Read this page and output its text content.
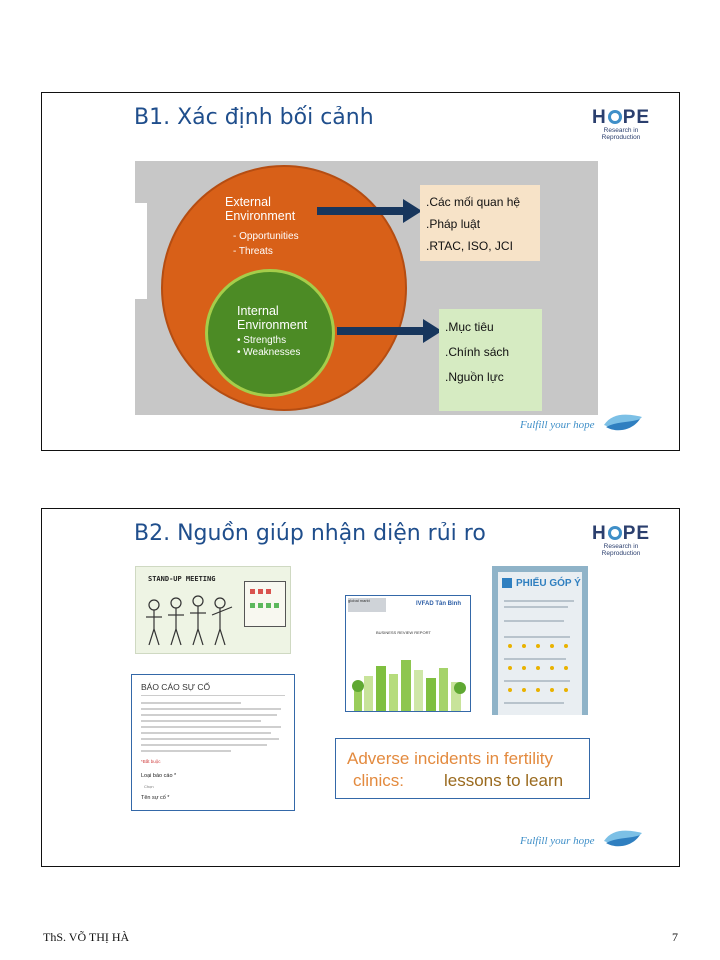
B1. Xác định bối cảnh	H PE
Research in Reproduction
External
Environment
- Opportunities
- Threats
Internal
Environment
• Strengths
• Weaknesses
.Các mối quan hệ
.Pháp luật
.RTAC, ISO, JCI
.Mục tiêu
.Chính sách
.Nguồn lực
Fulfill your hope
B2. Nguồn giúp nhận diện rủi ro	H PE
Research in Reproduction
STAND-UP MEETING
global markt
IVFAD Tân Bình
BUSINESS REVIEW REPORT
PHIẾU GÓP Ý
BÁO CÁO SỰ CỐ
*Bắt buộc
Loại báo cáo *
Chọn
Tên sự cố *
Adverse incidents in fertility
clinics: lessons to learn
Fulfill your hope
ThS. VÕ THỊ HÀ	7
